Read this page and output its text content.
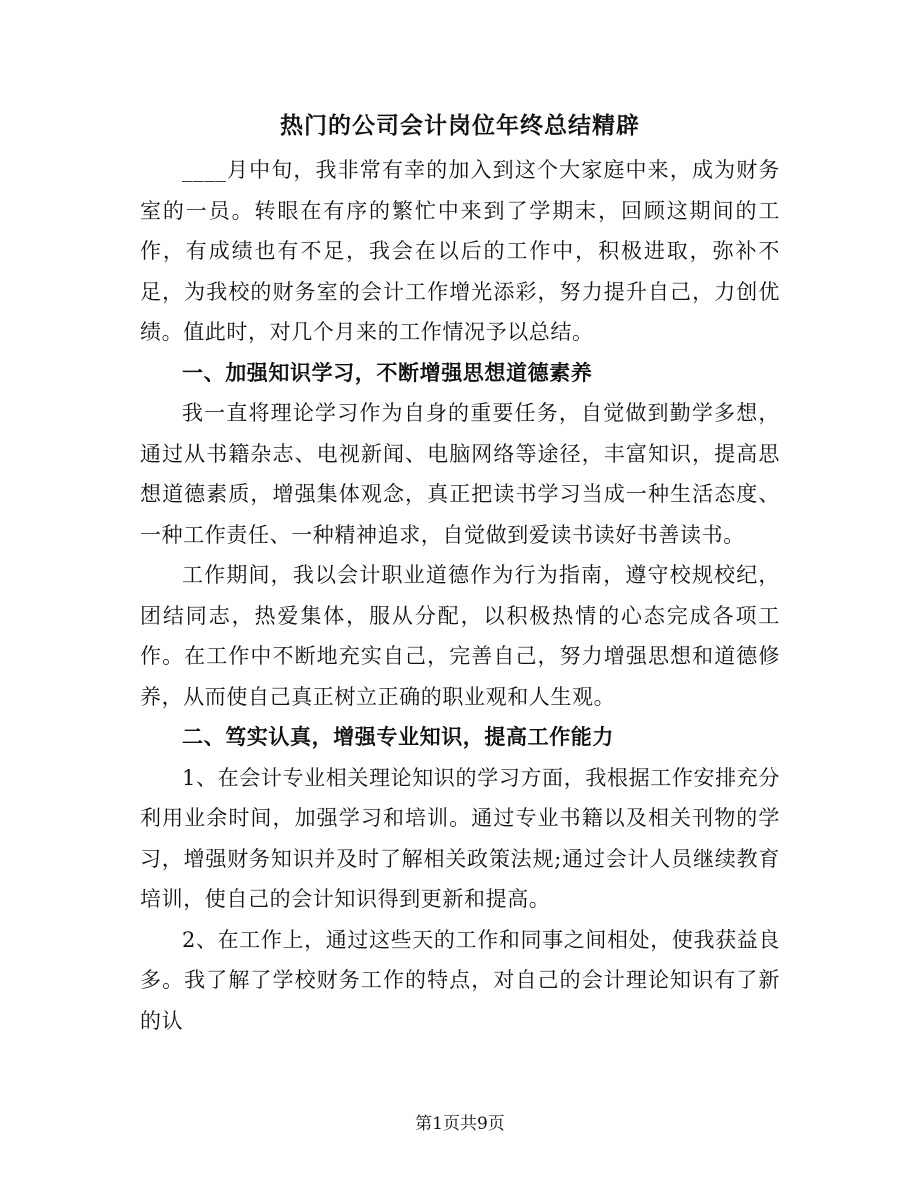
热门的公司会计岗位年终总结精辟

____月中旬，我非常有幸的加入到这个大家庭中来，成为财务室的一员。转眼在有序的繁忙中来到了学期末，回顾这期间的工作，有成绩也有不足，我会在以后的工作中，积极进取，弥补不足，为我校的财务室的会计工作增光添彩，努力提升自己，力创优绩。值此时，对几个月来的工作情况予以总结。

一、加强知识学习，不断增强思想道德素养

我一直将理论学习作为自身的重要任务，自觉做到勤学多想，通过从书籍杂志、电视新闻、电脑网络等途径，丰富知识，提高思想道德素质，增强集体观念，真正把读书学习当成一种生活态度、一种工作责任、一种精神追求，自觉做到爱读书读好书善读书。

工作期间，我以会计职业道德作为行为指南，遵守校规校纪，团结同志，热爱集体，服从分配，以积极热情的心态完成各项工作。在工作中不断地充实自己，完善自己，努力增强思想和道德修养，从而使自己真正树立正确的职业观和人生观。

二、笃实认真，增强专业知识，提高工作能力

1、在会计专业相关理论知识的学习方面，我根据工作安排充分利用业余时间，加强学习和培训。通过专业书籍以及相关刊物的学习，增强财务知识并及时了解相关政策法规;通过会计人员继续教育培训，使自己的会计知识得到更新和提高。

2、在工作上，通过这些天的工作和同事之间相处，使我获益良多。我了解了学校财务工作的特点，对自己的会计理论知识有了新的认

第1页共9页
